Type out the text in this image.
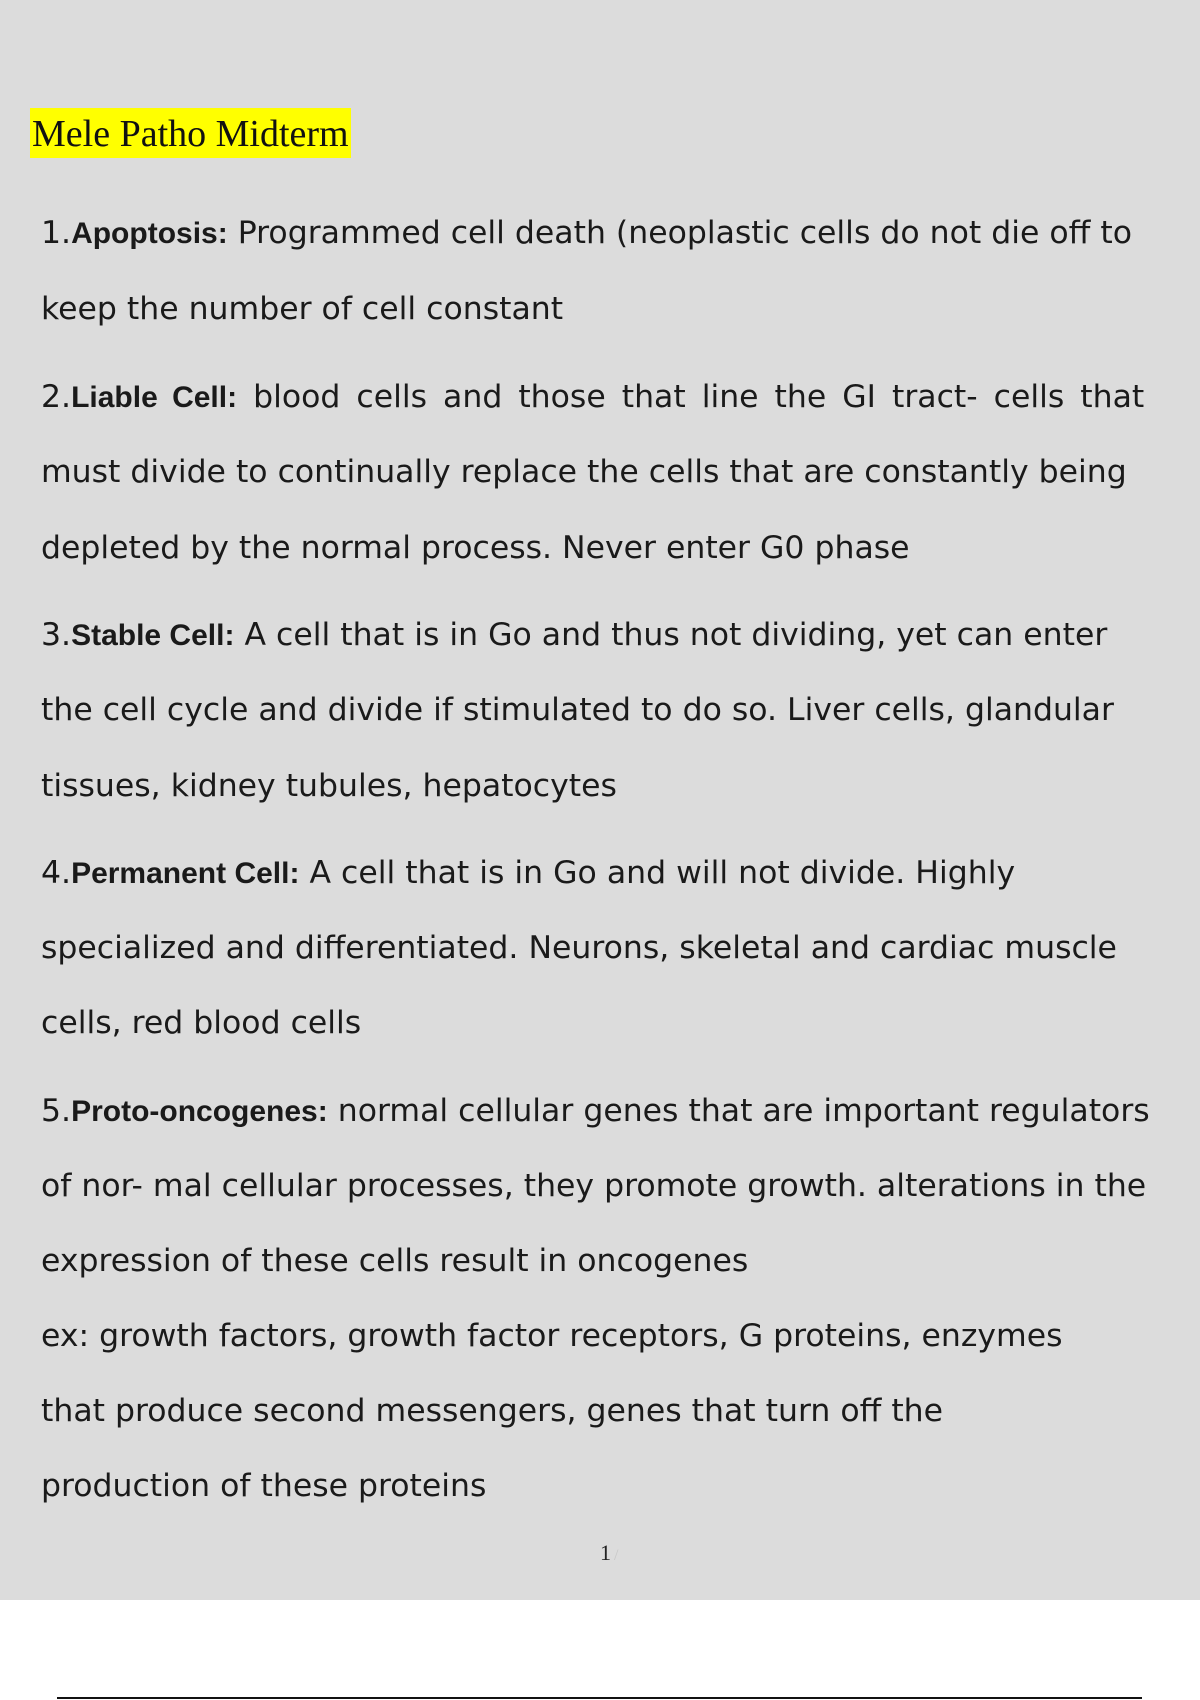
Mele Patho Midterm
1.Apoptosis: Programmed cell death (neoplastic cells do not die off to
keep the number of cell constant
2.Liable Cell: blood cells and those that line the GI tract- cells that
must divide to continually replace the cells that are constantly being
depleted by the normal process. Never enter G0 phase
3.Stable Cell: A cell that is in Go and thus not dividing, yet can enter
the cell cycle and divide if stimulated to do so. Liver cells, glandular
tissues, kidney tubules, hepatocytes
4.Permanent Cell: A cell that is in Go and will not divide. Highly
specialized and differentiated. Neurons, skeletal and cardiac muscle
cells, red blood cells
5.Proto-oncogenes: normal cellular genes that are important regulators
of nor- mal cellular processes, they promote growth. alterations in the
expression of these cells result in oncogenes
ex: growth factors, growth factor receptors, G proteins, enzymes
that produce second messengers, genes that turn off the
production of these proteins
1 /
